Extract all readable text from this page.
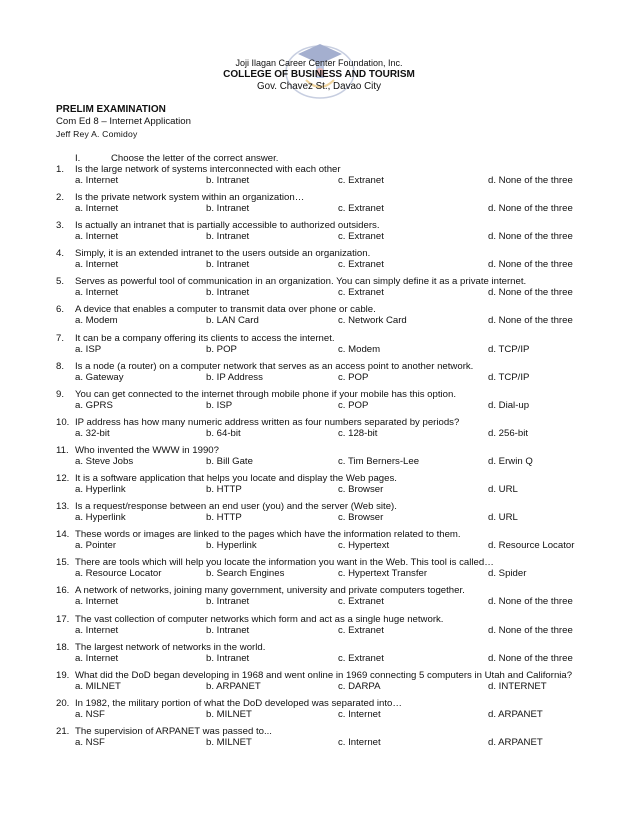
Joji Ilagan Career Center Foundation, Inc.
COLLEGE OF BUSINESS AND TOURISM
Gov. Chavez St., Davao City
PRELIM EXAMINATION
Com Ed 8 – Internet Application
Jeff Rey A. Comidoy
I.	Choose the letter of the correct answer.
1. Is the large network of systems interconnected with each other
a. Internet	b. Intranet	c. Extranet	d. None of the three
2. Is the private network system within an organization…
a. Internet	b. Intranet	c. Extranet	d. None of the three
3. Is actually an intranet that is partially accessible to authorized outsiders.
a. Internet	b. Intranet	c. Extranet	d. None of the three
4. Simply, it is an extended intranet to the users outside an organization.
a. Internet	b. Intranet	c. Extranet	d. None of the three
5. Serves as powerful tool of communication in an organization. You can simply define it as a private internet.
a. Internet	b. Intranet	c. Extranet	d. None of the three
6. A device that enables a computer to transmit data over phone or cable.
a. Modem	b. LAN Card	c. Network Card	d. None of the three
7. It can be a company offering its clients to access the internet.
a. ISP	b. POP	c. Modem	d. TCP/IP
8. Is a node (a router) on a computer network that serves as an access point to another network.
a. Gateway	b. IP Address	c. POP	d. TCP/IP
9. You can get connected to the internet through mobile phone if your mobile has this option.
a. GPRS	b. ISP	c. POP	d. Dial-up
10. IP address has how many numeric address written as four numbers separated by periods?
a. 32-bit	b. 64-bit	c. 128-bit	d. 256-bit
11. Who invented the WWW in 1990?
a. Steve Jobs	b. Bill Gate	c. Tim Berners-Lee	d. Erwin Q
12. It is a software application that helps you locate and display the Web pages.
a. Hyperlink	b. HTTP	c. Browser	d. URL
13. Is a request/response between an end user (you) and the server (Web site).
a. Hyperlink	b. HTTP	c. Browser	d. URL
14. These words or images are linked to the pages which have the information related to them.
a. Pointer	b. Hyperlink	c. Hypertext	d. Resource Locator
15. There are tools which will help you locate the information you want in the Web. This tool is called…
a. Resource Locator	b. Search Engines	c. Hypertext Transfer	d. Spider
16. A network of networks, joining many government, university and private computers together.
a. Internet	b. Intranet	c. Extranet	d. None of the three
17. The vast collection of computer networks which form and act as a single huge network.
a. Internet	b. Intranet	c. Extranet	d. None of the three
18. The largest network of networks in the world.
a. Internet	b. Intranet	c. Extranet	d. None of the three
19. What did the DoD began developing in 1968 and went online in 1969 connecting 5 computers in Utah and California?
a. MILNET	b. ARPANET	c. DARPA	d. INTERNET
20. In 1982, the military portion of what the DoD developed was separated into…
a. NSF	b. MILNET	c. Internet	d. ARPANET
21. The supervision of ARPANET was passed to...
a. NSF	b. MILNET	c. Internet	d. ARPANET
